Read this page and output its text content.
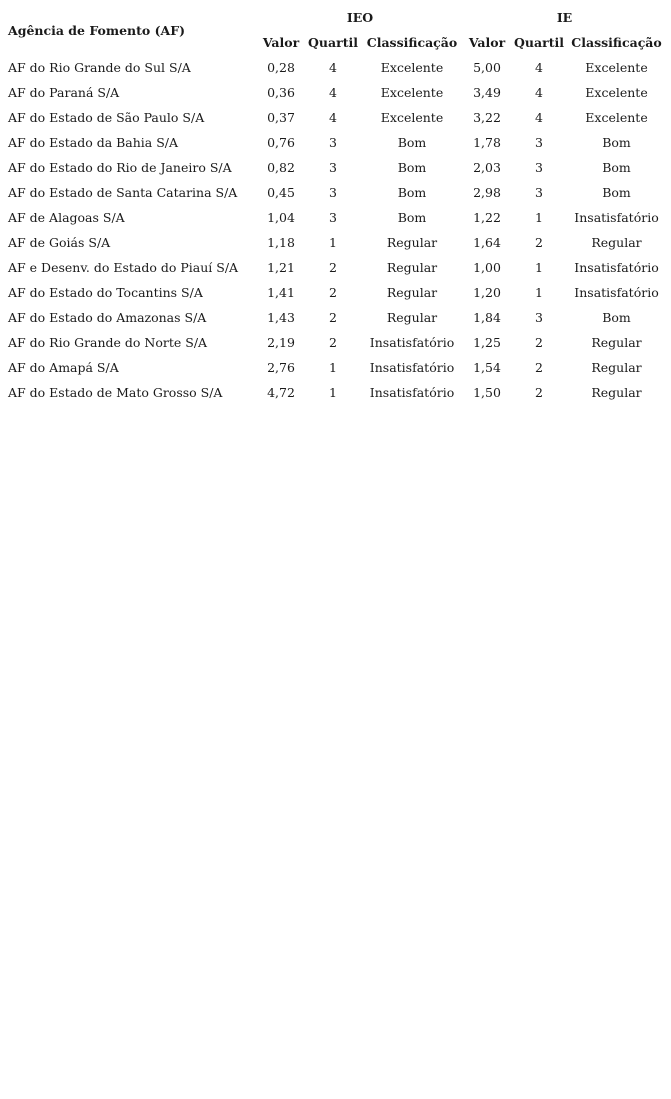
Agência de Fomento (AF)	IEO			IE		
	Valor	Quartil	Classificação	Valor	Quartil	Classificação
AF do Rio Grande do Sul S/A	0,28	4	Excelente	5,00	4	Excelente
AF do Paraná S/A	0,36	4	Excelente	3,49	4	Excelente
AF do Estado de São Paulo S/A	0,37	4	Excelente	3,22	4	Excelente
AF do Estado da Bahia S/A	0,76	3	Bom	1,78	3	Bom
AF do Estado do Rio de Janeiro S/A	0,82	3	Bom	2,03	3	Bom
AF do Estado de Santa Catarina S/A	0,45	3	Bom	2,98	3	Bom
AF de Alagoas S/A	1,04	3	Bom	1,22	1	Insatisfatório
AF de Goiás S/A	1,18	1	Regular	1,64	2	Regular
AF e Desenv. do Estado do Piauí S/A	1,21	2	Regular	1,00	1	Insatisfatório
AF do Estado do Tocantins S/A	1,41	2	Regular	1,20	1	Insatisfatório
AF do Estado do Amazonas S/A	1,43	2	Regular	1,84	3	Bom
AF do Rio Grande do Norte S/A	2,19	2	Insatisfatório	1,25	2	Regular
AF do Amapá S/A	2,76	1	Insatisfatório	1,54	2	Regular
AF do Estado de Mato Grosso S/A	4,72	1	Insatisfatório	1,50	2	Regular
